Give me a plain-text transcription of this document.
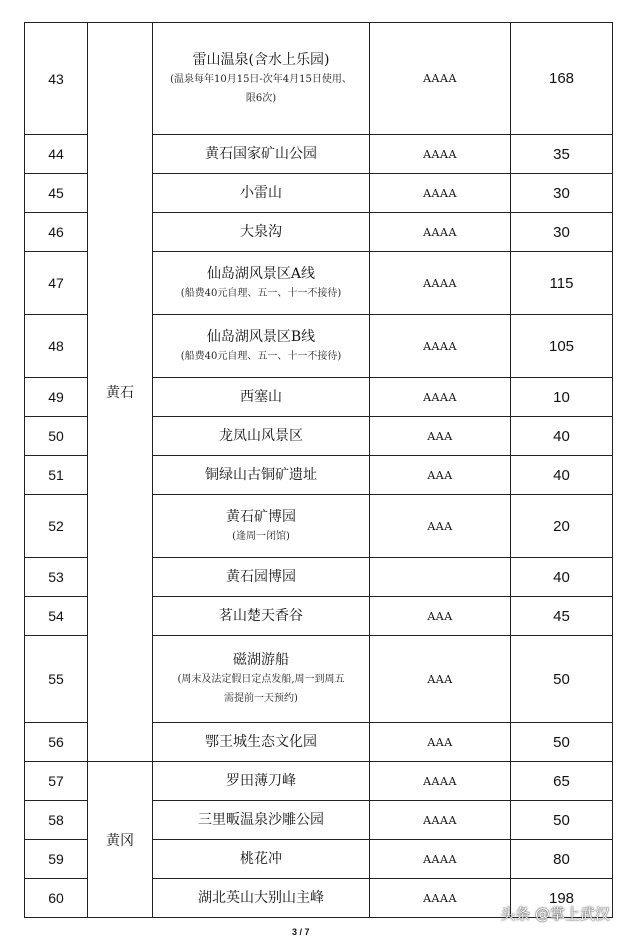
43	黄石	雷山温泉(含水上乐园)
(温泉每年10月15日-次年4月15日使用、
限6次)	AAAA	168
44		黄石国家矿山公园	AAAA	35
45		小雷山	AAAA	30
46		大泉沟	AAAA	30
47		仙岛湖风景区A线
(船费40元自理、五一、十一不接待)	AAAA	115
48		仙岛湖风景区B线
(船费40元自理、五一、十一不接待)	AAAA	105
49		西塞山	AAAA	10
50		龙凤山风景区	AAA	40
51		铜绿山古铜矿遗址	AAA	40
52		黄石矿博园
(逢周一闭馆)	AAA	20
53		黄石园博园		40
54		茗山楚天香谷	AAA	45
55		磁湖游船
(周末及法定假日定点发船,周一到周五
需提前一天预约)	AAA	50
56		鄂王城生态文化园	AAA	50
57	黄冈	罗田薄刀峰	AAAA	65
58		三里畈温泉沙雕公园	AAAA	50
59		桃花冲	AAAA	80
60		湖北英山大别山主峰	AAAA	198
3 / 7
头条 @掌上武汉
